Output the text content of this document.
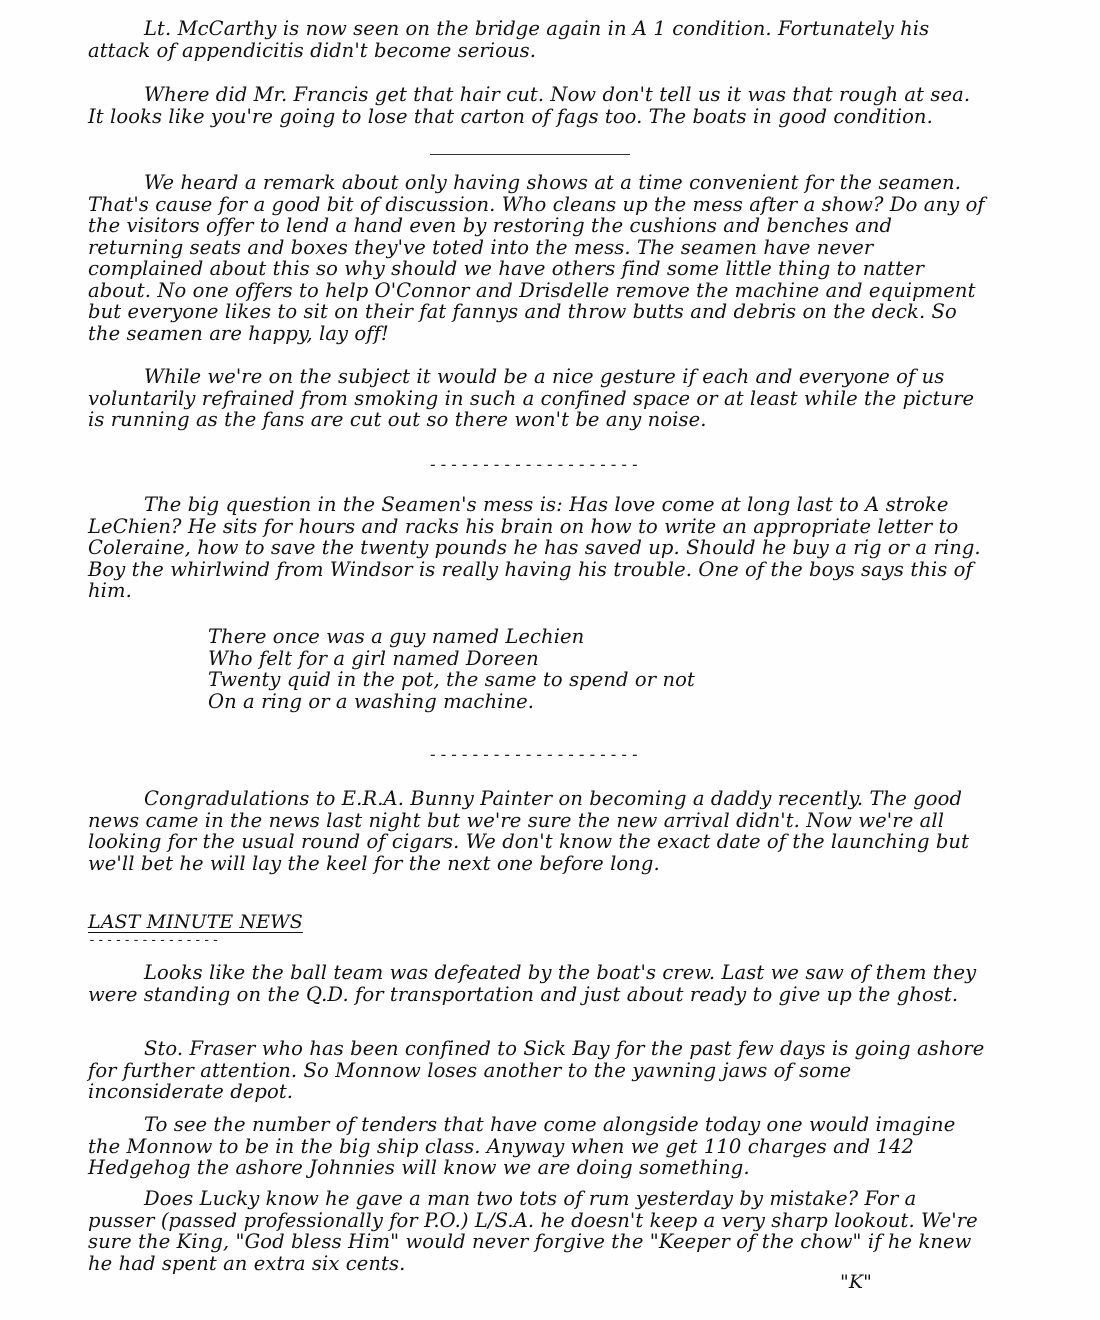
Lt. McCarthy is now seen on the bridge again in A 1 condition. Fortunately his attack of appendicitis didn't become serious.

Where did Mr. Francis get that hair cut. Now don't tell us it was that rough at sea. It looks like you're going to lose that carton of fags too. The boats in good condition.

We heard a remark about only having shows at a time convenient for the seamen. That's cause for a good bit of discussion. Who cleans up the mess after a show? Do any of the visitors offer to lend a hand even by restoring the cushions and benches and returning seats and boxes they've toted into the mess. The seamen have never complained about this so why should we have others find some little thing to natter about. No one offers to help O'Connor and Drisdelle remove the machine and equipment but everyone likes to sit on their fat fannys and throw butts and debris on the deck. So the seamen are happy, lay off!

While we're on the subject it would be a nice gesture if each and everyone of us voluntarily refrained from smoking in such a confined space or at least while the picture is running as the fans are cut out so there won't be any noise.

--------------------

The big question in the Seamen's mess is: Has love come at long last to A stroke LeChien? He sits for hours and racks his brain on how to write an appropriate letter to Coleraine, how to save the twenty pounds he has saved up. Should he buy a rig or a ring. Boy the whirlwind from Windsor is really having his trouble. One of the boys says this of him.

There once was a guy named Lechien
Who felt for a girl named Doreen
Twenty quid in the pot, the same to spend or not
On a ring or a washing machine.
--------------------

Congradulations to E.R.A. Bunny Painter on becoming a daddy recently. The good news came in the news last night but we're sure the new arrival didn't. Now we're all looking for the usual round of cigars. We don't know the exact date of the launching but we'll bet he will lay the keel for the next one before long.

LAST MINUTE NEWS
---------------

Looks like the ball team was defeated by the boat's crew. Last we saw of them they were standing on the Q.D. for transportation and just about ready to give up the ghost.

Sto. Fraser who has been confined to Sick Bay for the past few days is going ashore for further attention. So Monnow loses another to the yawning jaws of some inconsiderate depot.

To see the number of tenders that have come alongside today one would imagine the Monnow to be in the big ship class. Anyway when we get 110 charges and 142 Hedgehog the ashore Johnnies will know we are doing something.

Does Lucky know he gave a man two tots of rum yesterday by mistake? For a pusser (passed professionally for P.O.) L/S.A. he doesn't keep a very sharp lookout. We're sure the King, "God bless Him" would never forgive the "Keeper of the chow" if he knew he had spent an extra six cents.

"K"
